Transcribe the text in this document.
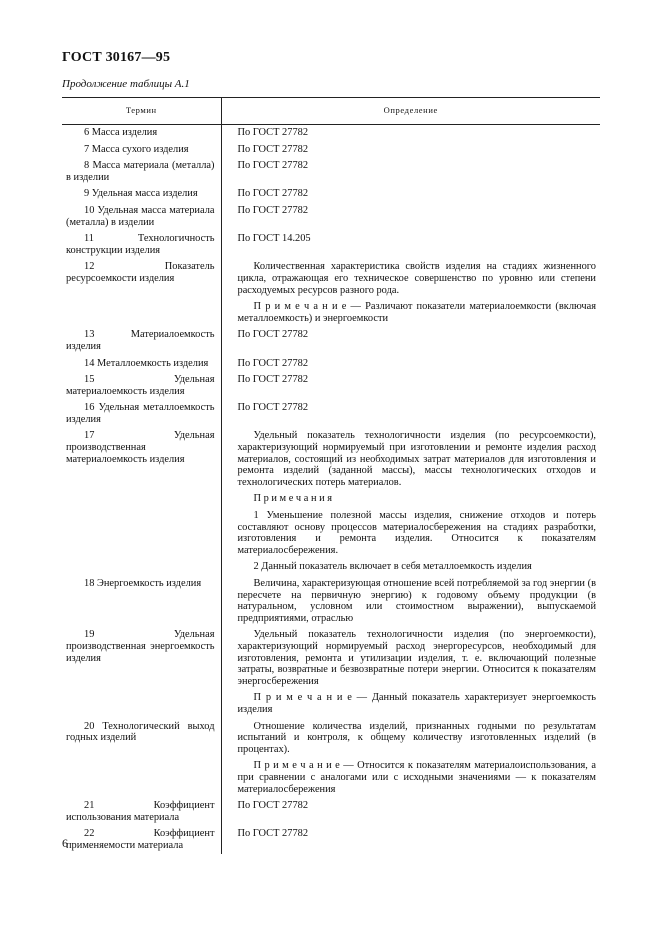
ГОСТ 30167—95
Продолжение таблицы А.1
Термин	Определение
6 Масса изделия	По ГОСТ 27782
7 Масса сухого изделия	По ГОСТ 27782
8 Масса материала (металла) в изделии	По ГОСТ 27782
9 Удельная масса изделия	По ГОСТ 27782
10 Удельная масса материала (металла) в изделии	По ГОСТ 27782
11 Технологичность конструкции изделия	По ГОСТ 14.205
12 Показатель ресурсоемкости изделия	Количественная характеристика свойств изделия на стадиях жизненного цикла, отражающая его техническое совершенство по уровню или степени расходуемых ресурсов разного рода.
	П р и м е ч а н и е — Различают показатели материалоемкости (включая металлоемкость) и энергоемкости
13 Материалоемкость изделия	По ГОСТ 27782
14 Металлоемкость изделия	По ГОСТ 27782
15 Удельная материалоемкость изделия	По ГОСТ 27782
16 Удельная металлоемкость изделия	По ГОСТ 27782
17 Удельная производственная материалоемкость изделия	Удельный показатель технологичности изделия (по ресурсоемкости), характеризующий нормируемый при изготовлении и ремонте изделия расход материалов, состоящий из необходимых затрат материалов для изготовления и ремонта изделий (заданной массы), массы технологических отходов и технологических потерь материалов.
	П р и м е ч а н и я
	1 Уменьшение полезной массы изделия, снижение отходов и потерь составляют основу процессов материалосбережения на стадиях разработки, изготовления и ремонта изделия. Относится к показателям материалосбережения.
	2 Данный показатель включает в себя металлоемкость изделия
18 Энергоемкость изделия	Величина, характеризующая отношение всей потребляемой за год энергии (в пересчете на первичную энергию) к годовому объему продукции (в натуральном, условном или стоимостном выражении), выпускаемой предприятиями, отраслью
19 Удельная производственная энергоемкость изделия	Удельный показатель технологичности изделия (по энергоемкости), характеризующий нормируемый расход энергоресурсов, необходимый для изготовления, ремонта и утилизации изделия, т. е. включающий полезные затраты, возвратные и безвозвратные потери энергии. Относится к показателям энергосбережения
	П р и м е ч а н и е — Данный показатель характеризует энергоемкость изделия
20 Технологический выход годных изделий	Отношение количества изделий, признанных годными по результатам испытаний и контроля, к общему количеству изготовленных изделий (в процентах).
	П р и м е ч а н и е — Относится к показателям материалоиспользования, а при сравнении с аналогами или с исходными значениями — к показателям материалосбережения
21 Коэффициент использования материала	По ГОСТ 27782
22 Коэффициент применяемости материала	По ГОСТ 27782
6
